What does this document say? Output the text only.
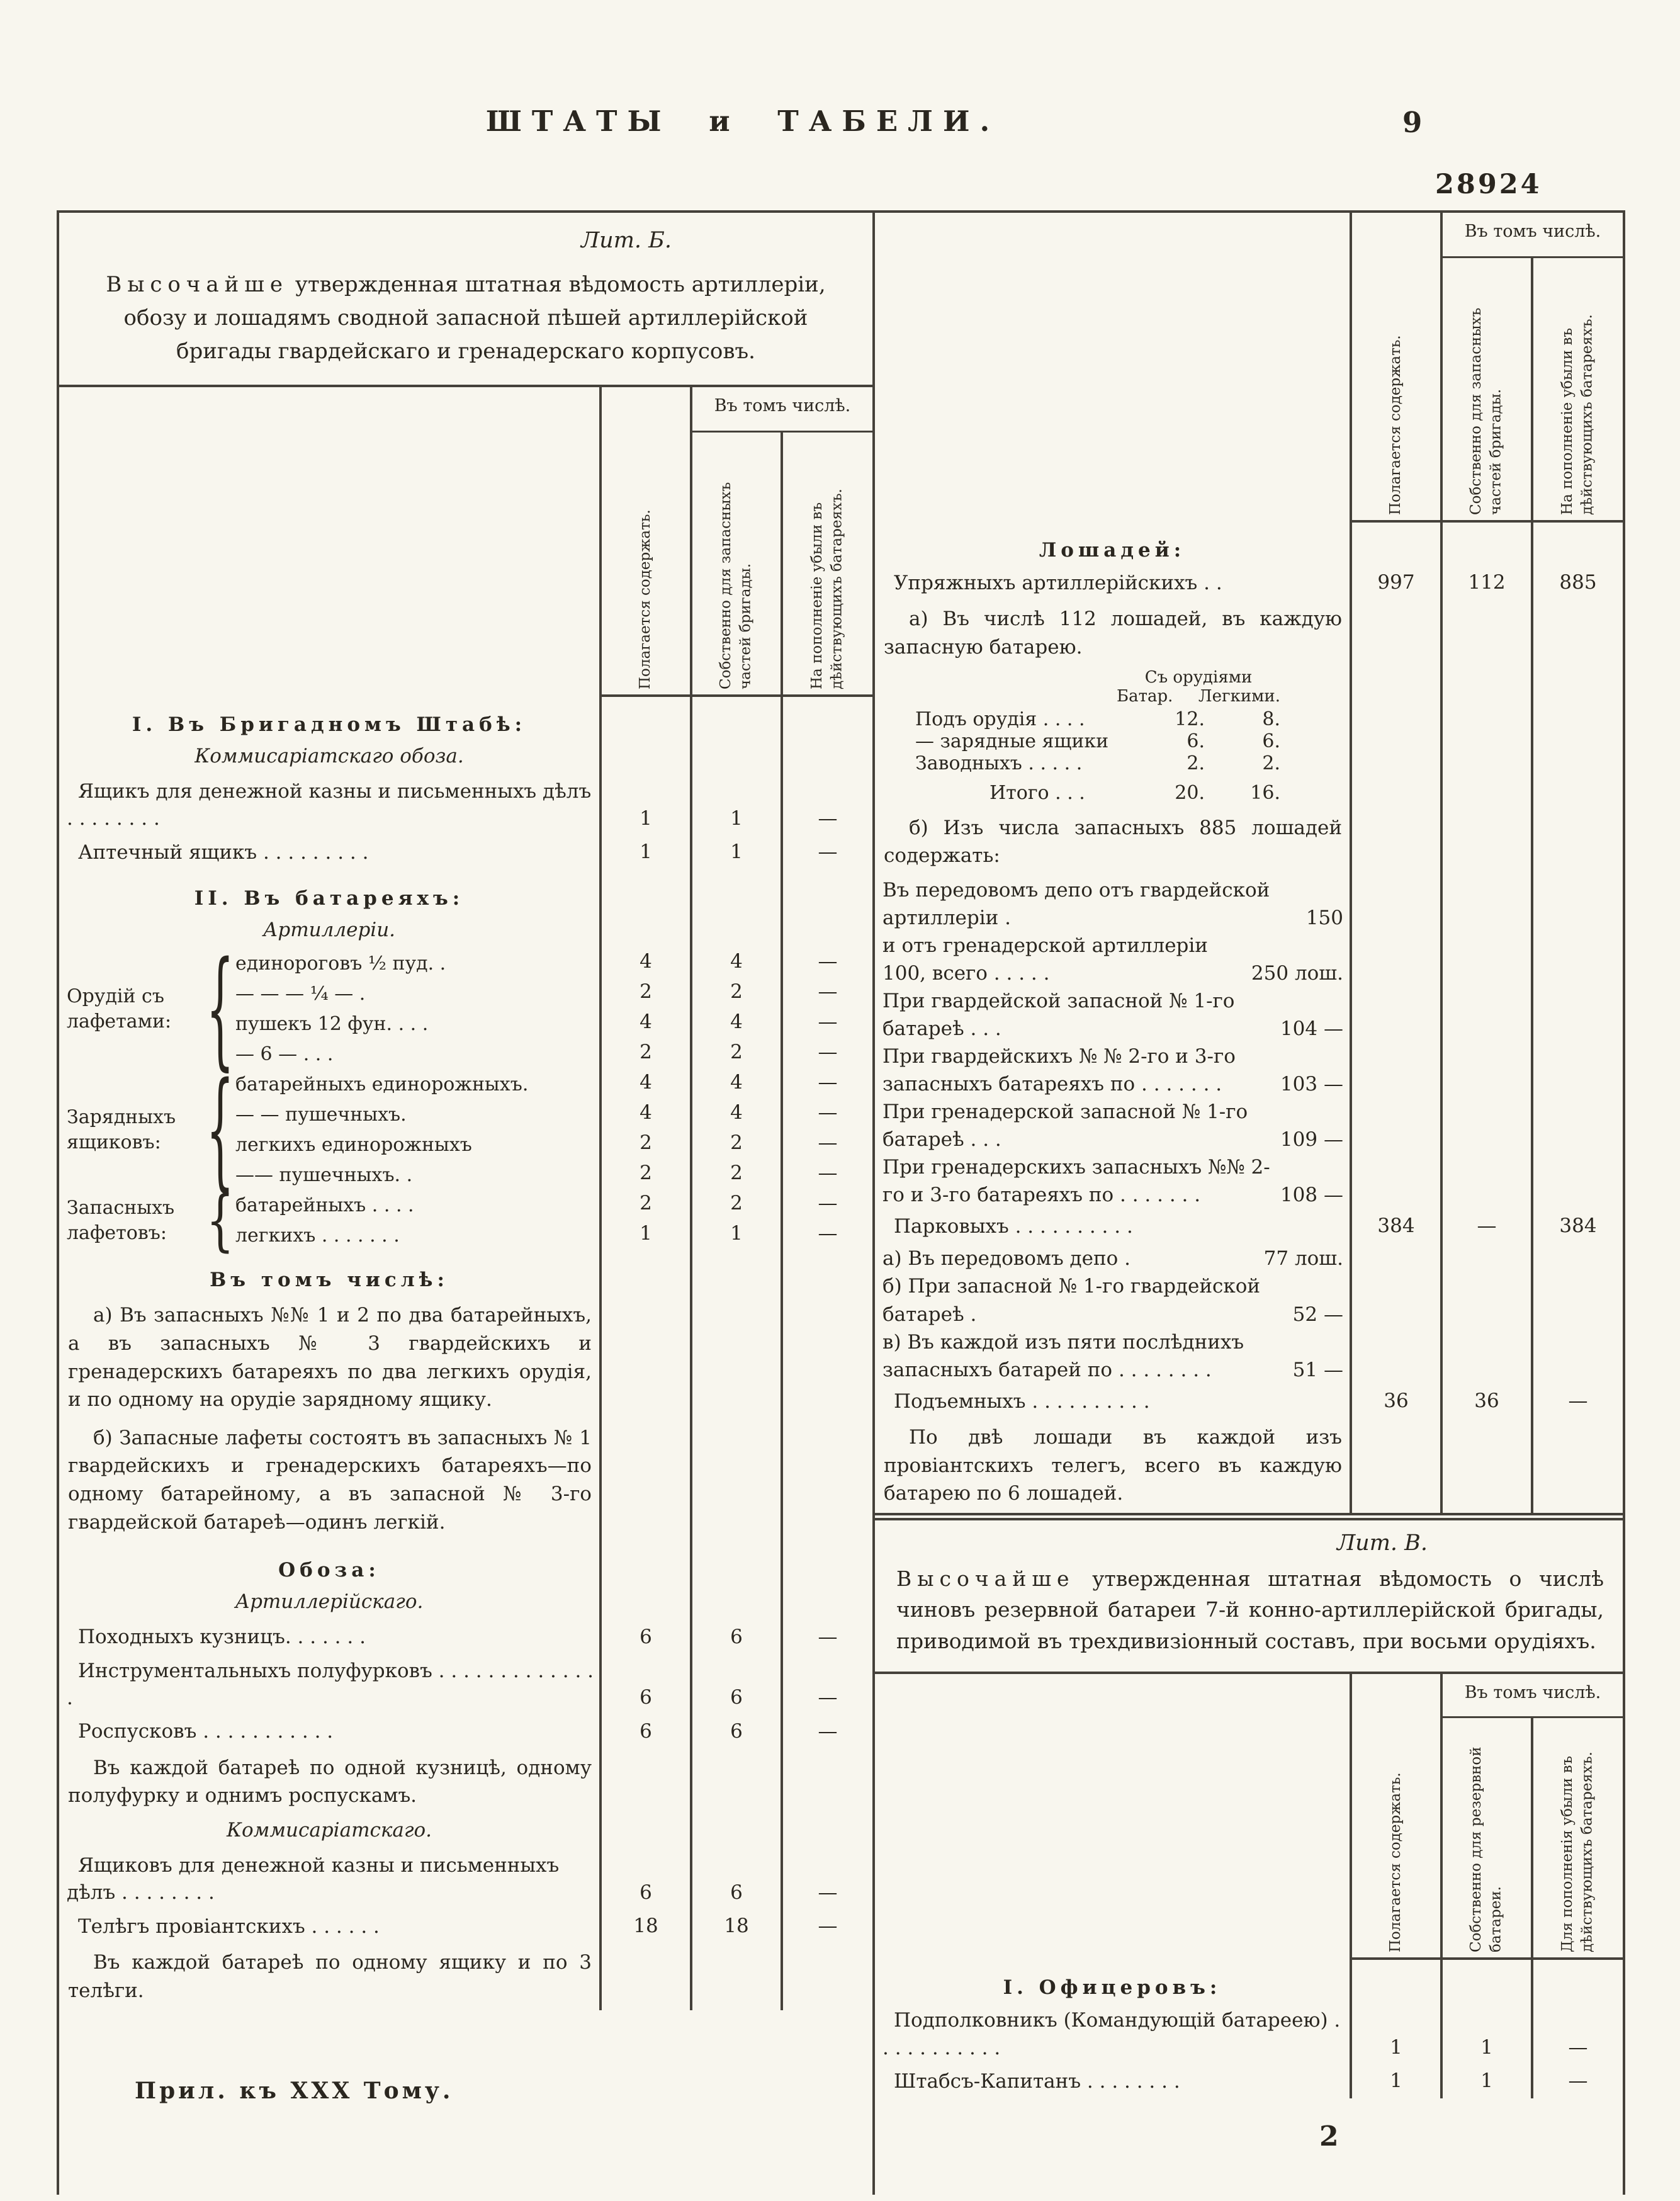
ШТАТЫ и ТАБЕЛИ.	9
28924
Лит. Б.

Высочайше утвержденная штатная вѣдомость артиллеріи, обозу и лошадямъ сводной запасной пѣшей артиллерійской бригады гвардейскаго и гренадерскаго корпусовъ.

		Полагается содержать.	Въ томъ числѣ.	
			Собственно для запасныхъ частей бригады.	На пополненіе убыли въ дѣйствующихъ батареяхъ.
I. Въ Бригадномъ Штабѣ:				
Коммисаріатскаго обоза.				
Ящикъ для денежной казны и письменныхъ дѣлъ . . . . . . . .		1	1	—
Аптечный ящикъ . . . . . . . . .		1	1	—
II. Въ батареяхъ:				
Артиллеріи.				
Орудій съ лафетами: {	единороговъ ½ пуд. .	4	4	—
	— — — ¼ — .	2	2	—
	пушекъ 12 фун. . . .	4	4	—
	— 6 — . . .	2	2	—
Зарядныхъ ящиковъ: {	батарейныхъ единорожныхъ.	4	4	—
	— — пушечныхъ.	4	4	—
	легкихъ единорожныхъ	2	2	—
	—— пушечныхъ. .	2	2	—
Запасныхъ лафетовъ: {	батарейныхъ . . . .	2	2	—
	легкихъ . . . . . . .	1	1	—
Въ томъ числѣ:				
а) Въ запасныхъ №№ 1 и 2 по два батарейныхъ, а въ запасныхъ № 3 гвардейскихъ и гренадерскихъ батареяхъ по два легкихъ орудія, и по одному на орудіе зарядному ящику.				
б) Запасные лафеты состоятъ въ запасныхъ № 1 гвардейскихъ и гренадерскихъ батареяхъ—по одному батарейному, а въ запасной № 3-го гвардейской батареѣ—одинъ легкій.				
Обоза:				
Артиллерійскаго.				
Походныхъ кузницъ. . . . . . .		6	6	—
Инструментальныхъ полуфурковъ . . . . . . . . . . . . . .		6	6	—
Роспусковъ . . . . . . . . . . .		6	6	—
Въ каждой батареѣ по одной кузницѣ, одному полуфурку и однимъ роспускамъ.				
Коммисаріатскаго.				
Ящиковъ для денежной казны и письменныхъ дѣлъ . . . . . . . .		6	6	—
Телѣгъ провіантскихъ . . . . . .		18	18	—
Въ каждой батареѣ по одному ящику и по 3 телѣги.				
	Полагается содержать.	Въ томъ числѣ.	
		Собственно для запасныхъ частей бригады.	На пополненіе убыли въ дѣйствующихъ батареяхъ.
Лошадей:			
Упряжныхъ артиллерійскихъ . .	997	112	885
а) Въ числѣ 112 лошадей, въ каждую запасную батарею.			

Съ орудіями
Батар. Легкими.
Подъ орудія . . . .	12.	8.
— зарядные ящики	6.	6.
Заводныхъ . . . . .	2.	2.
Итого . . .	20.	16.

б) Изъ числа запасныхъ 885 лошадей содержать:			

Въ передовомъ депо отъ гвардейской артиллеріи .	150
и отъ гренадерской артиллеріи 100, всего . . . . .	250 лош.
При гвардейской запасной № 1-го батареѣ . . .	104 —
При гвардейскихъ № № 2-го и 3-го запасныхъ батареяхъ по . . . . . . .	103 —
При гренадерской запасной № 1-го батареѣ . . .	109 —
При гренадерскихъ запасныхъ №№ 2-го и 3-го батареяхъ по . . . . . . .	108 —

Парковыхъ . . . . . . . . . .	384	—	384

а) Въ передовомъ депо .	77 лош.
б) При запасной № 1-го гвардейской батареѣ .	52 —
в) Въ каждой изъ пяти послѣднихъ запасныхъ батарей по . . . . . . . .	51 —

Подъемныхъ . . . . . . . . . .	36	36	—
По двѣ лошади въ каждой изъ провіантскихъ телегъ, всего въ каждую батарею по 6 лошадей.			
Лит. В.

Высочайше утвержденная штатная вѣдомость о числѣ чиновъ резервной батареи 7-й конно-артиллерійской бригады, приводимой въ трехдивизіонный составъ, при восьми орудіяхъ.

	Полагается содержать.	Въ томъ числѣ.	
		Собственно для резервной батареи.	Для пополненія убыли въ дѣйствующихъ батареяхъ.
I. Офицеровъ:			
Подполковникъ (Командующій батареею) . . . . . . . . . . .	1	1	—
Штабсъ-Капитанъ . . . . . . . .	1	1	—
Прил. къ XXX Тому.
2
